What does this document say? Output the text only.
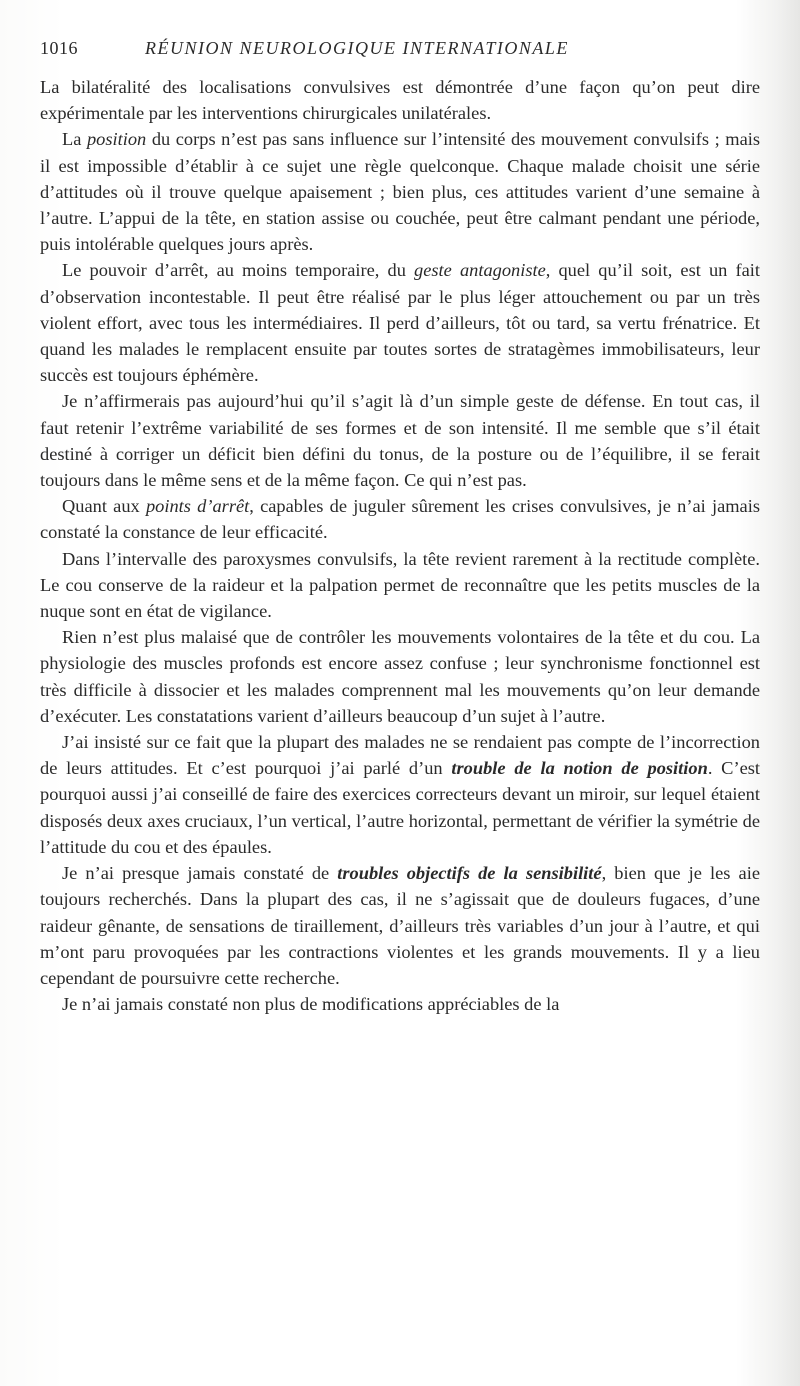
1016	RÉUNION NEUROLOGIQUE INTERNATIONALE

La bilatéralité des localisations convulsives est démontrée d’une façon qu’on peut dire expérimentale par les interventions chirurgicales unilatérales.

La position du corps n’est pas sans influence sur l’intensité des mouvement convulsifs ; mais il est impossible d’établir à ce sujet une règle quelconque. Chaque malade choisit une série d’attitudes où il trouve quelque apaisement ; bien plus, ces attitudes varient d’une semaine à l’autre. L’appui de la tête, en station assise ou couchée, peut être calmant pendant une période, puis intolérable quelques jours après.

Le pouvoir d’arrêt, au moins temporaire, du geste antagoniste, quel qu’il soit, est un fait d’observation incontestable. Il peut être réalisé par le plus léger attouchement ou par un très violent effort, avec tous les intermédiaires. Il perd d’ailleurs, tôt ou tard, sa vertu frénatrice. Et quand les malades le remplacent ensuite par toutes sortes de stratagèmes immobilisateurs, leur succès est toujours éphémère.

Je n’affirmerais pas aujourd’hui qu’il s’agit là d’un simple geste de défense. En tout cas, il faut retenir l’extrême variabilité de ses formes et de son intensité. Il me semble que s’il était destiné à corriger un déficit bien défini du tonus, de la posture ou de l’équilibre, il se ferait toujours dans le même sens et de la même façon. Ce qui n’est pas.

Quant aux points d’arrêt, capables de juguler sûrement les crises convulsives, je n’ai jamais constaté la constance de leur efficacité.

Dans l’intervalle des paroxysmes convulsifs, la tête revient rarement à la rectitude complète. Le cou conserve de la raideur et la palpation permet de reconnaître que les petits muscles de la nuque sont en état de vigilance.

Rien n’est plus malaisé que de contrôler les mouvements volontaires de la tête et du cou. La physiologie des muscles profonds est encore assez confuse ; leur synchronisme fonctionnel est très difficile à dissocier et les malades comprennent mal les mouvements qu’on leur demande d’exécuter. Les constatations varient d’ailleurs beaucoup d’un sujet à l’autre.

J’ai insisté sur ce fait que la plupart des malades ne se rendaient pas compte de l’incorrection de leurs attitudes. Et c’est pourquoi j’ai parlé d’un trouble de la notion de position. C’est pourquoi aussi j’ai conseillé de faire des exercices correcteurs devant un miroir, sur lequel étaient disposés deux axes cruciaux, l’un vertical, l’autre horizontal, permettant de vérifier la symétrie de l’attitude du cou et des épaules.

Je n’ai presque jamais constaté de troubles objectifs de la sensibilité, bien que je les aie toujours recherchés. Dans la plupart des cas, il ne s’agissait que de douleurs fugaces, d’une raideur gênante, de sensations de tiraillement, d’ailleurs très variables d’un jour à l’autre, et qui m’ont paru provoquées par les contractions violentes et les grands mouvements. Il y a lieu cependant de poursuivre cette recherche.

Je n’ai jamais constaté non plus de modifications appréciables de la
